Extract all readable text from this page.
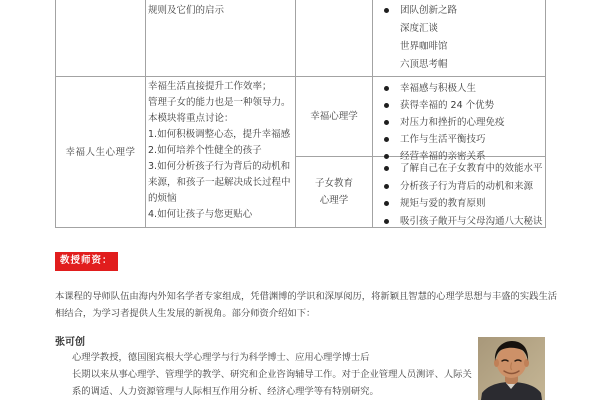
规则及它们的启示	团队创新之路
深度汇谈
世界咖啡馆
六顶思考帽
幸福人生心理学
幸福生活直接提升工作效率；
管理子女的能力也是一种领导力。
本模块将重点讨论：
1.如何积极调整心态，提升幸福感
2.如何培养个性健全的孩子
3.如何分析孩子行为背后的动机和
来源，和孩子一起解决成长过程中
的烦恼
4.如何让孩子与您更贴心
幸福心理学
幸福感与积极人生
获得幸福的 24 个优势
对压力和挫折的心理免疫
工作与生活平衡技巧
经营幸福的亲密关系
子女教育
心理学
了解自己在子女教育中的效能水平
分析孩子行为背后的动机和来源
规矩与爱的教育原则
吸引孩子敞开与父母沟通八大秘诀
教授师资：
本课程的导师队伍由海内外知名学者专家组成，凭借渊博的学识和深厚阅历，将新颖且智慧的心理学思想与丰盛的实践生活
相结合，为学习者提供人生发展的新视角。部分师资介绍如下：
张可创
心理学教授，德国图宾根大学心理学与行为科学博士、应用心理学博士后
长期以来从事心理学、管理学的教学、研究和企业咨询辅导工作。对于企业管理人员测评、人际关
系的调适、人力资源管理与人际相互作用分析、经济心理学等有特别研究。
